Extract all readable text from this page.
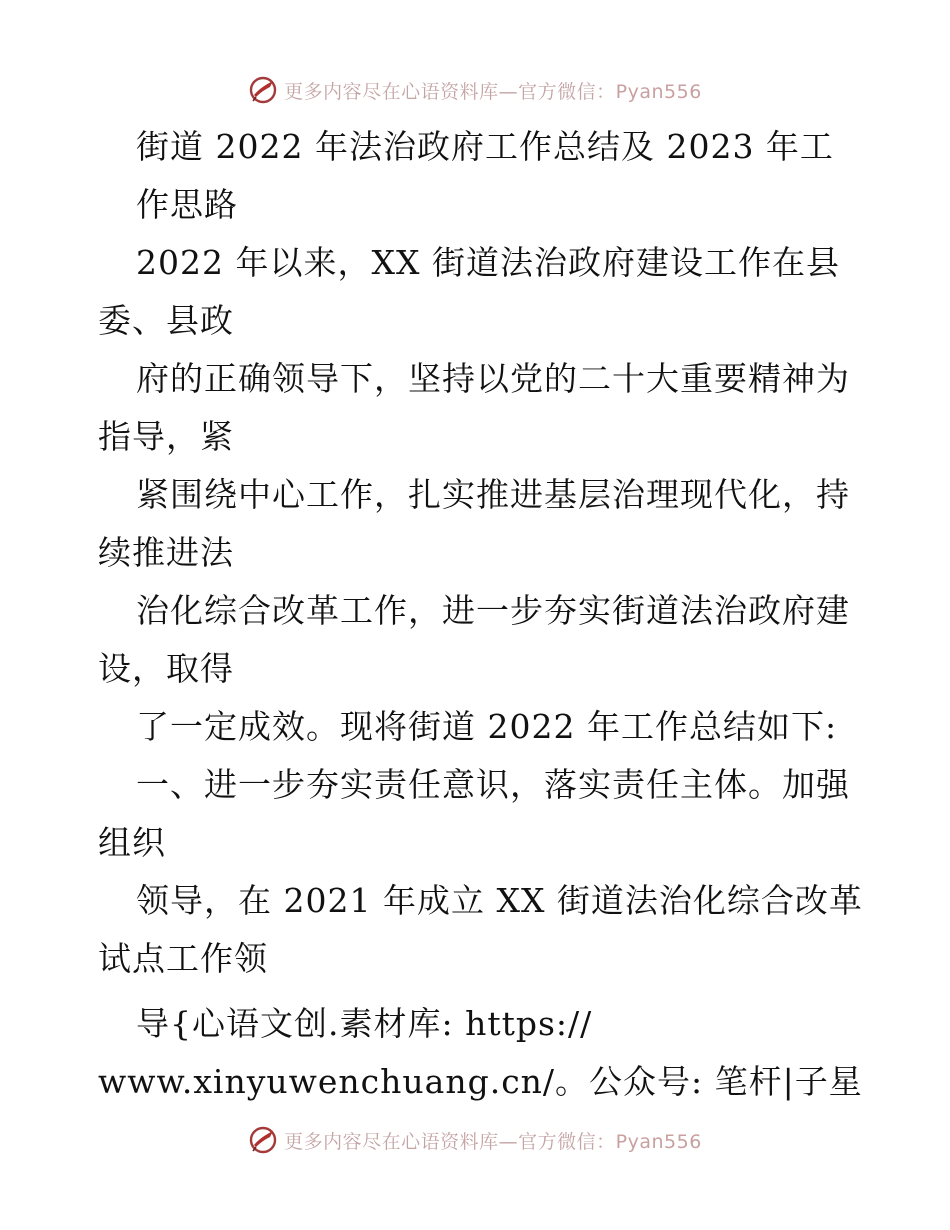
更多内容尽在心语资料库—官方微信：Pyan556
街道 2022 年法治政府工作总结及 2023 年工
作思路
2022 年以来，XX 街道法治政府建设工作在县
委、县政
府的正确领导下，坚持以党的二十大重要精神为
指导，紧
紧围绕中心工作，扎实推进基层治理现代化，持
续推进法
治化综合改革工作，进一步夯实街道法治政府建
设，取得
了一定成效。现将街道 2022 年工作总结如下:
一、进一步夯实责任意识，落实责任主体。加强
组织
领导，在 2021 年成立 XX 街道法治化综合改革
试点工作领
导{心语文创.素材库: https://
www.xinyuwenchuang.cn/。公众号: 笔杆|子星
更多内容尽在心语资料库—官方微信：Pyan556
